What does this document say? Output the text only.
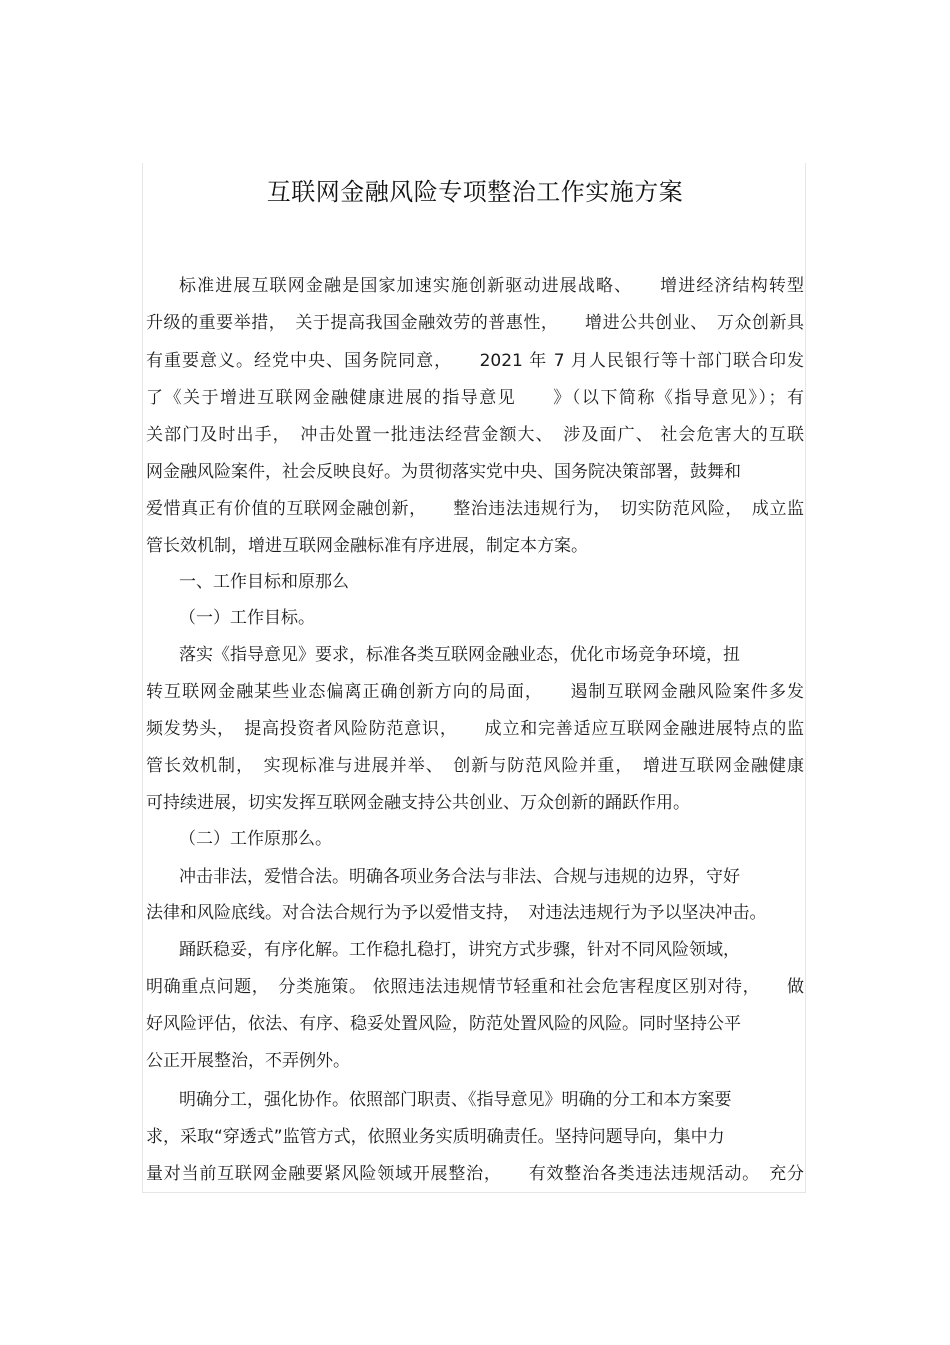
互联网金融风险专项整治工作实施方案
标准进展互联网金融是国家加速实施创新驱动进展战略、　　增进经济结构转型
升级的重要举措，　关于提高我国金融效劳的普惠性，　　增进公共创业、　万众创新具
有重要意义。经党中央、国务院同意，　　2021 年 7 月人民银行等十部门联合印发
了《关于增进互联网金融健康进展的指导意见　　》（以下简称《指导意见》）；有
关部门及时出手，　冲击处置一批违法经营金额大、　涉及面广、 社会危害大的互联
网金融风险案件，社会反映良好。为贯彻落实党中央、国务院决策部署，鼓舞和
爱惜真正有价值的互联网金融创新，　　整治违法违规行为，　切实防范风险，　成立监
管长效机制，增进互联网金融标准有序进展，制定本方案。
一、工作目标和原那么
（一）工作目标。
落实《指导意见》要求，标准各类互联网金融业态，优化市场竞争环境，扭
转互联网金融某些业态偏离正确创新方向的局面，　　遏制互联网金融风险案件多发
频发势头，　提高投资者风险防范意识，　　成立和完善适应互联网金融进展特点的监
管长效机制，　实现标准与进展并举、　创新与防范风险并重，　增进互联网金融健康
可持续进展，切实发挥互联网金融支持公共创业、万众创新的踊跃作用。
（二）工作原那么。
冲击非法，爱惜合法。明确各项业务合法与非法、合规与违规的边界，守好
法律和风险底线。对合法合规行为予以爱惜支持，　对违法违规行为予以坚决冲击。
踊跃稳妥，有序化解。工作稳扎稳打，讲究方式步骤，针对不同风险领域，
明确重点问题，　分类施策。 依照违法违规情节轻重和社会危害程度区别对待，　　做
好风险评估，依法、有序、稳妥处置风险，防范处置风险的风险。同时坚持公平
公正开展整治，不弄例外。
明确分工，强化协作。依照部门职责、《指导意见》明确的分工和本方案要
求，采取“穿透式”监管方式，依照业务实质明确责任。坚持问题导向，集中力
量对当前互联网金融要紧风险领域开展整治，　　有效整治各类违法违规活动。　充分
